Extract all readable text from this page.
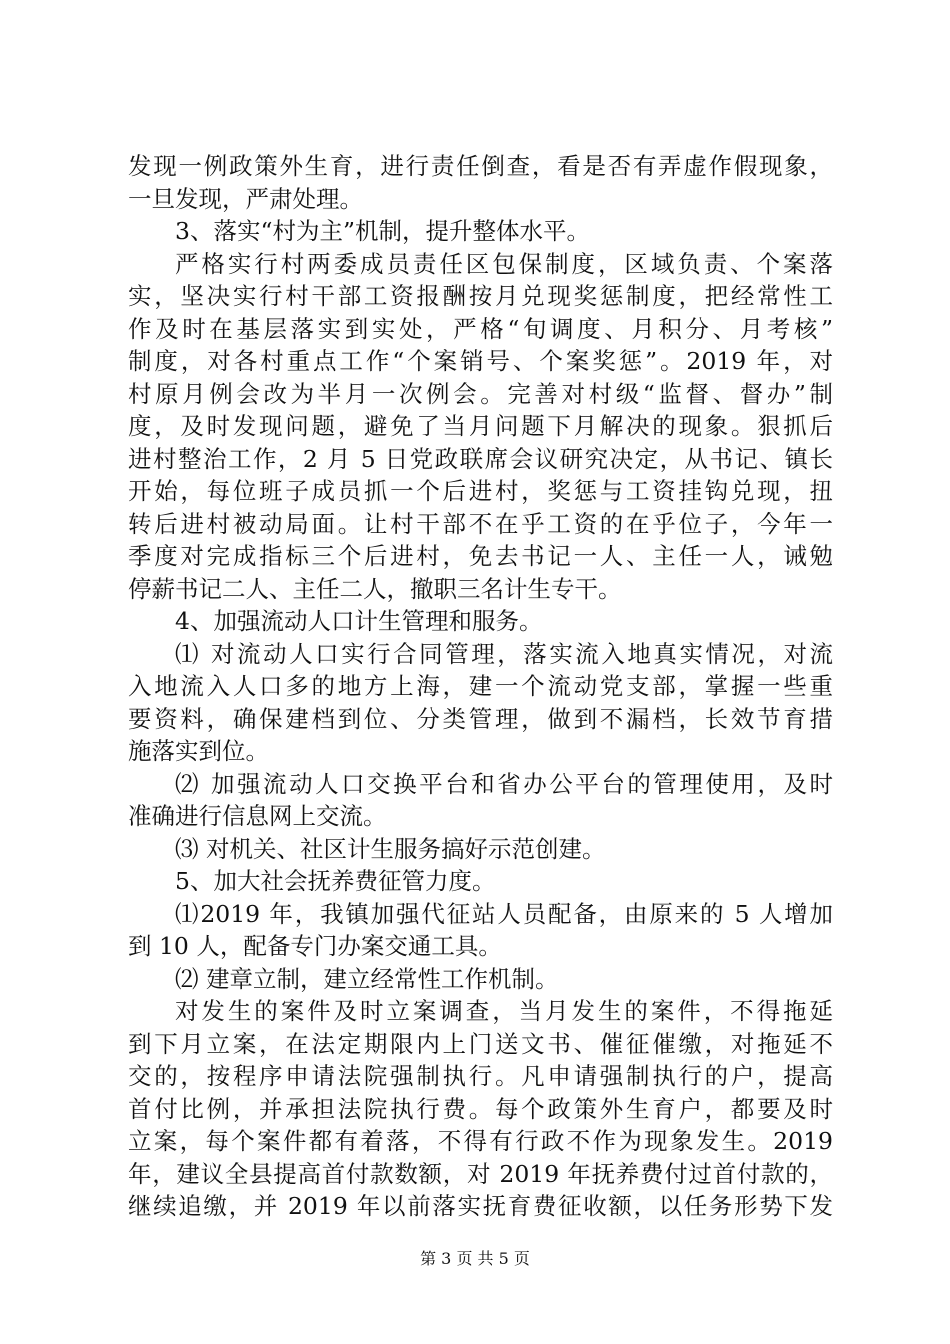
发现一例政策外生育，进行责任倒查，看是否有弄虚作假现象，
一旦发现，严肃处理。
3、落实“村为主”机制，提升整体水平。
严格实行村两委成员责任区包保制度，区域负责、个案落
实，坚决实行村干部工资报酬按月兑现奖惩制度，把经常性工
作及时在基层落实到实处，严格“旬调度、月积分、月考核”
制度，对各村重点工作“个案销号、个案奖惩”。2019 年，对
村原月例会改为半月一次例会。完善对村级“监督、督办”制
度，及时发现问题，避免了当月问题下月解决的现象。狠抓后
进村整治工作，2 月 5 日党政联席会议研究决定，从书记、镇长
开始，每位班子成员抓一个后进村，奖惩与工资挂钩兑现，扭
转后进村被动局面。让村干部不在乎工资的在乎位子，今年一
季度对完成指标三个后进村，免去书记一人、主任一人，诫勉
停薪书记二人、主任二人，撤职三名计生专干。
4、加强流动人口计生管理和服务。
⑴ 对流动人口实行合同管理，落实流入地真实情况，对流
入地流入人口多的地方上海，建一个流动党支部，掌握一些重
要资料，确保建档到位、分类管理，做到不漏档，长效节育措
施落实到位。
⑵ 加强流动人口交换平台和省办公平台的管理使用，及时
准确进行信息网上交流。
⑶ 对机关、社区计生服务搞好示范创建。
5、加大社会抚养费征管力度。
⑴2019 年，我镇加强代征站人员配备，由原来的 5 人增加
到 10 人，配备专门办案交通工具。
⑵ 建章立制，建立经常性工作机制。
对发生的案件及时立案调查，当月发生的案件，不得拖延
到下月立案，在法定期限内上门送文书、催征催缴，对拖延不
交的，按程序申请法院强制执行。凡申请强制执行的户，提高
首付比例，并承担法院执行费。每个政策外生育户，都要及时
立案，每个案件都有着落，不得有行政不作为现象发生。2019
年，建议全县提高首付款数额，对 2019 年抚养费付过首付款的，
继续追缴，并 2019 年以前落实抚育费征收额，以任务形势下发
第 3 页 共 5 页
